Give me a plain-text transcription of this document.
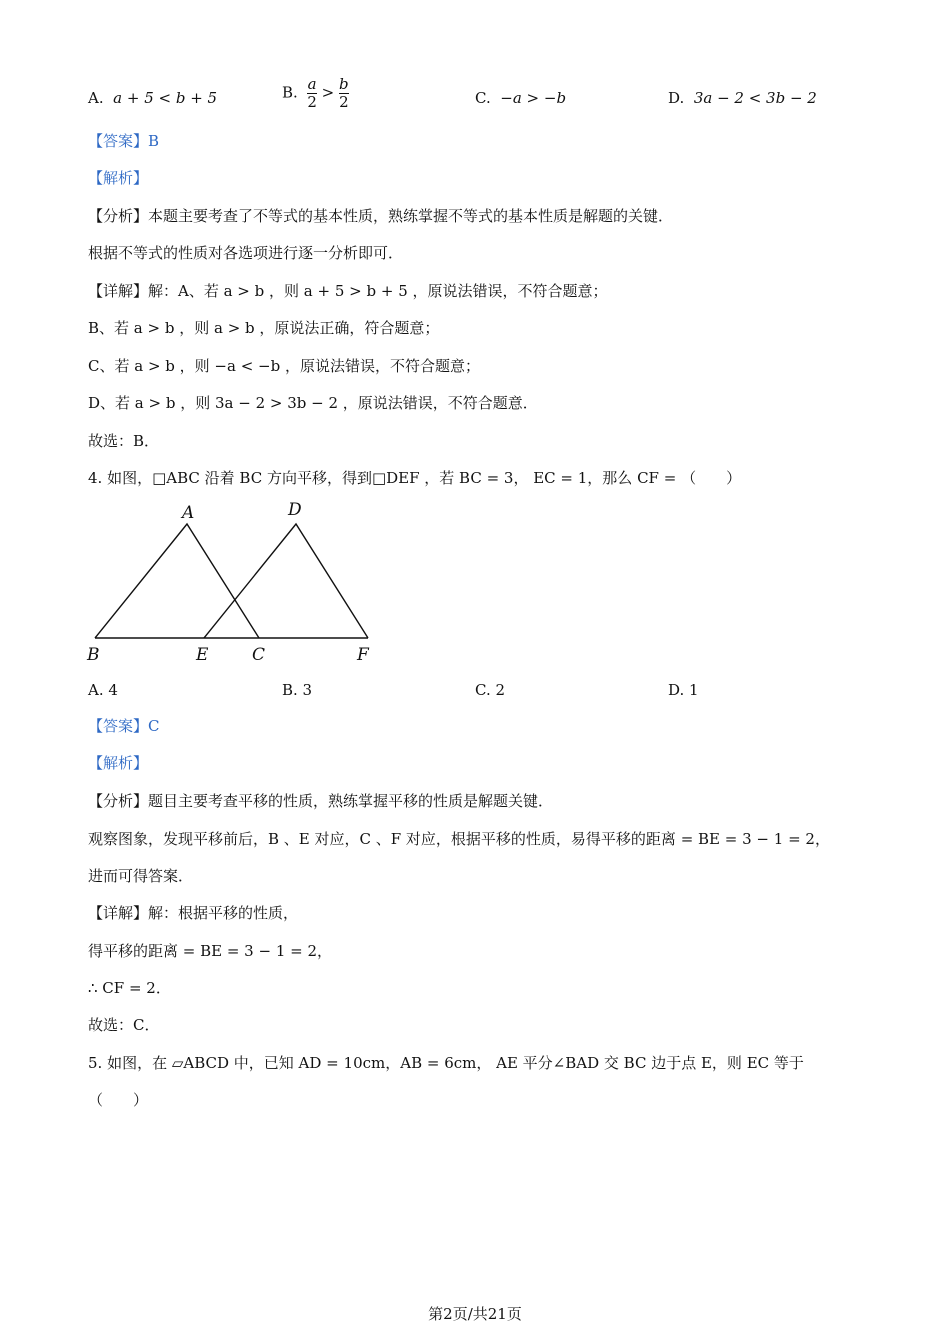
A. a + 5 < b + 5	B. $\frac{a}{2} > \frac{b}{2}$	C. −a > −b	D. 3a − 2 < 3b − 2
【答案】B
【解析】
【分析】本题主要考查了不等式的基本性质，熟练掌握不等式的基本性质是解题的关键．
根据不等式的性质对各选项进行逐一分析即可．
【详解】解：A、若 a > b ，则 a + 5 > b + 5 ，原说法错误，不符合题意；
B、若 a > b ，则 a > b ，原说法正确，符合题意；
C、若 a > b ，则 −a < −b ，原说法错误，不符合题意；
D、若 a > b ，则 3a − 2 > 3b − 2 ，原说法错误，不符合题意．
故选：B．
4. 如图，□ABC 沿着 BC 方向平移，得到□DEF ，若 BC = 3， EC = 1，那么 CF = （　　）
A	D
B	E	C	F
A. 4	B. 3	C. 2	D. 1
【答案】C
【解析】
【分析】题目主要考查平移的性质，熟练掌握平移的性质是解题关键．
观察图象，发现平移前后，B 、E 对应，C 、F 对应，根据平移的性质，易得平移的距离 = BE = 3 − 1 = 2，
进而可得答案．
【详解】解：根据平移的性质，
得平移的距离 = BE = 3 − 1 = 2，
∴ CF = 2．
故选：C．
5. 如图，在 ▱ABCD 中，已知 AD = 10cm，AB = 6cm， AE 平分∠BAD 交 BC 边于点 E，则 EC 等于
（　　）
第2页/共21页
